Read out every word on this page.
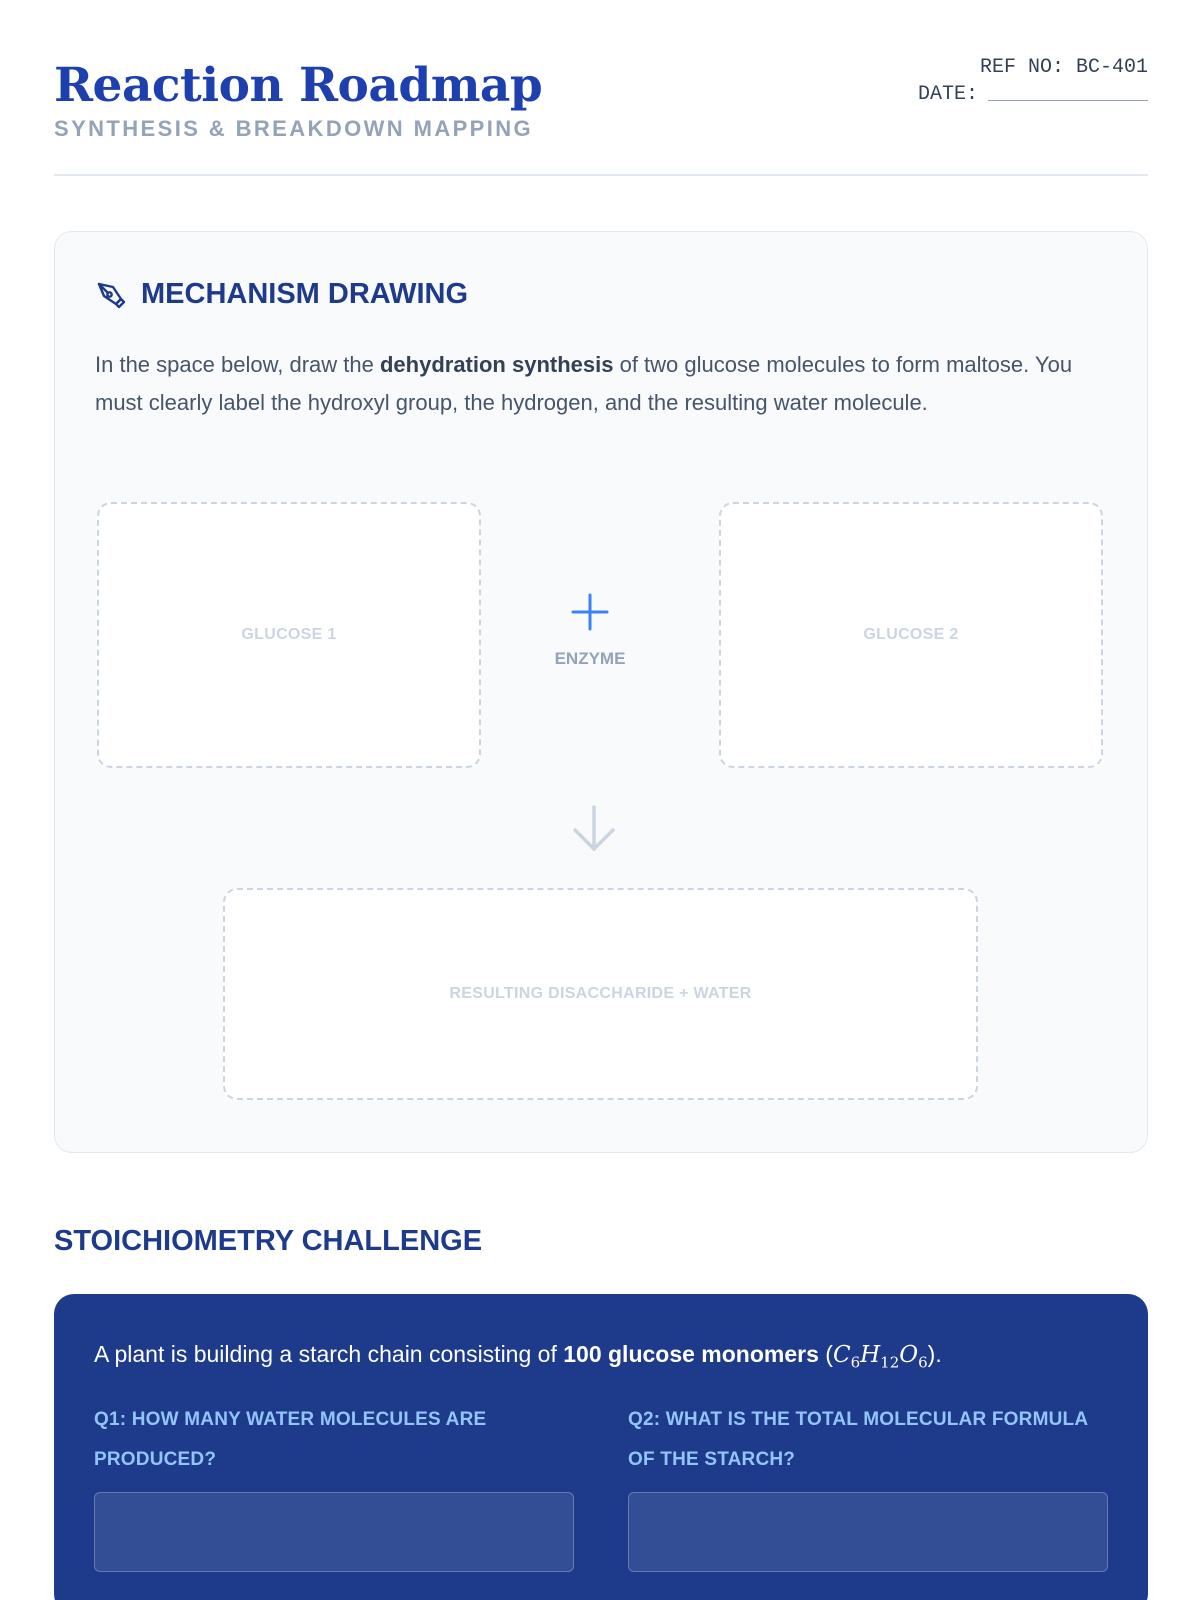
Reaction Roadmap
SYNTHESIS & BREAKDOWN MAPPING
REF NO: BC-401
DATE:
MECHANISM DRAWING

In the space below, draw the dehydration synthesis of two glucose molecules to form maltose. You must clearly label the hydroxyl group, the hydrogen, and the resulting water molecule.

GLUCOSE 1
ENZYME
GLUCOSE 2
RESULTING DISACCHARIDE + WATER
STOICHIOMETRY CHALLENGE

A plant is building a starch chain consisting of 100 glucose monomers $(C_6H_{12}O_6)$.

Q1: HOW MANY WATER MOLECULES ARE PRODUCED?
Q2: WHAT IS THE TOTAL MOLECULAR FORMULA OF THE STARCH?
